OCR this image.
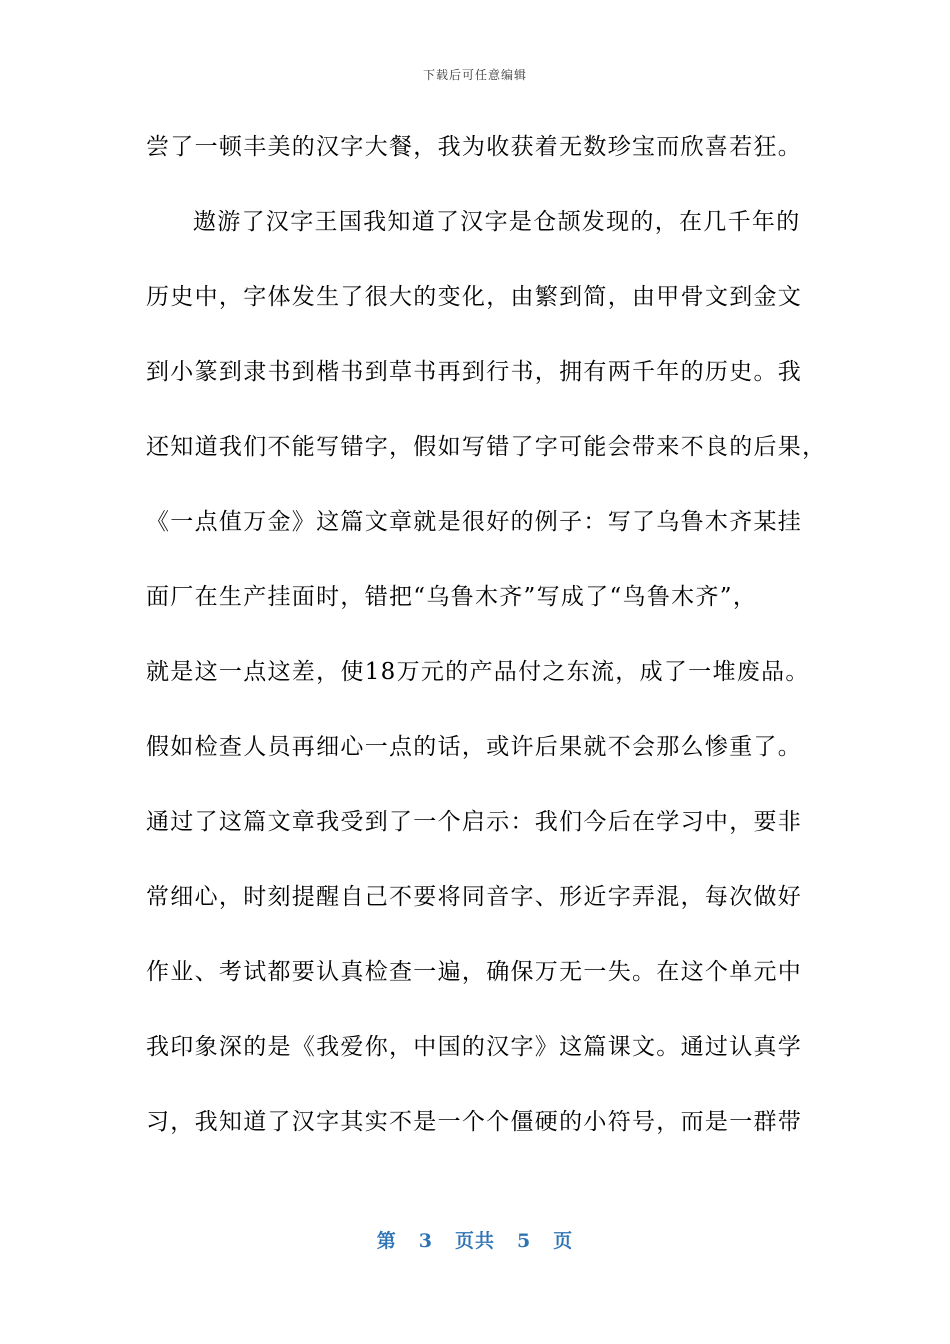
下载后可任意编辑
尝了一顿丰美的汉字大餐，我为收获着无数珍宝而欣喜若狂。
遨游了汉字王国我知道了汉字是仓颉发现的，在几千年的
历史中，字体发生了很大的变化，由繁到简，由甲骨文到金文
到小篆到隶书到楷书到草书再到行书，拥有两千年的历史。我
还知道我们不能写错字，假如写错了字可能会带来不良的后果，
《一点值万金》这篇文章就是很好的例子：写了乌鲁木齐某挂
面厂在生产挂面时，错把“乌鲁木齐”写成了“鸟鲁木齐”，
就是这一点这差，使18万元的产品付之东流，成了一堆废品。
假如检查人员再细心一点的话，或许后果就不会那么惨重了。
通过了这篇文章我受到了一个启示：我们今后在学习中，要非
常细心，时刻提醒自己不要将同音字、形近字弄混，每次做好
作业、考试都要认真检查一遍，确保万无一失。在这个单元中
我印象深的是《我爱你，中国的汉字》这篇课文。通过认真学
习，我知道了汉字其实不是一个个僵硬的小符号，而是一群带
第 3 页共 5 页
